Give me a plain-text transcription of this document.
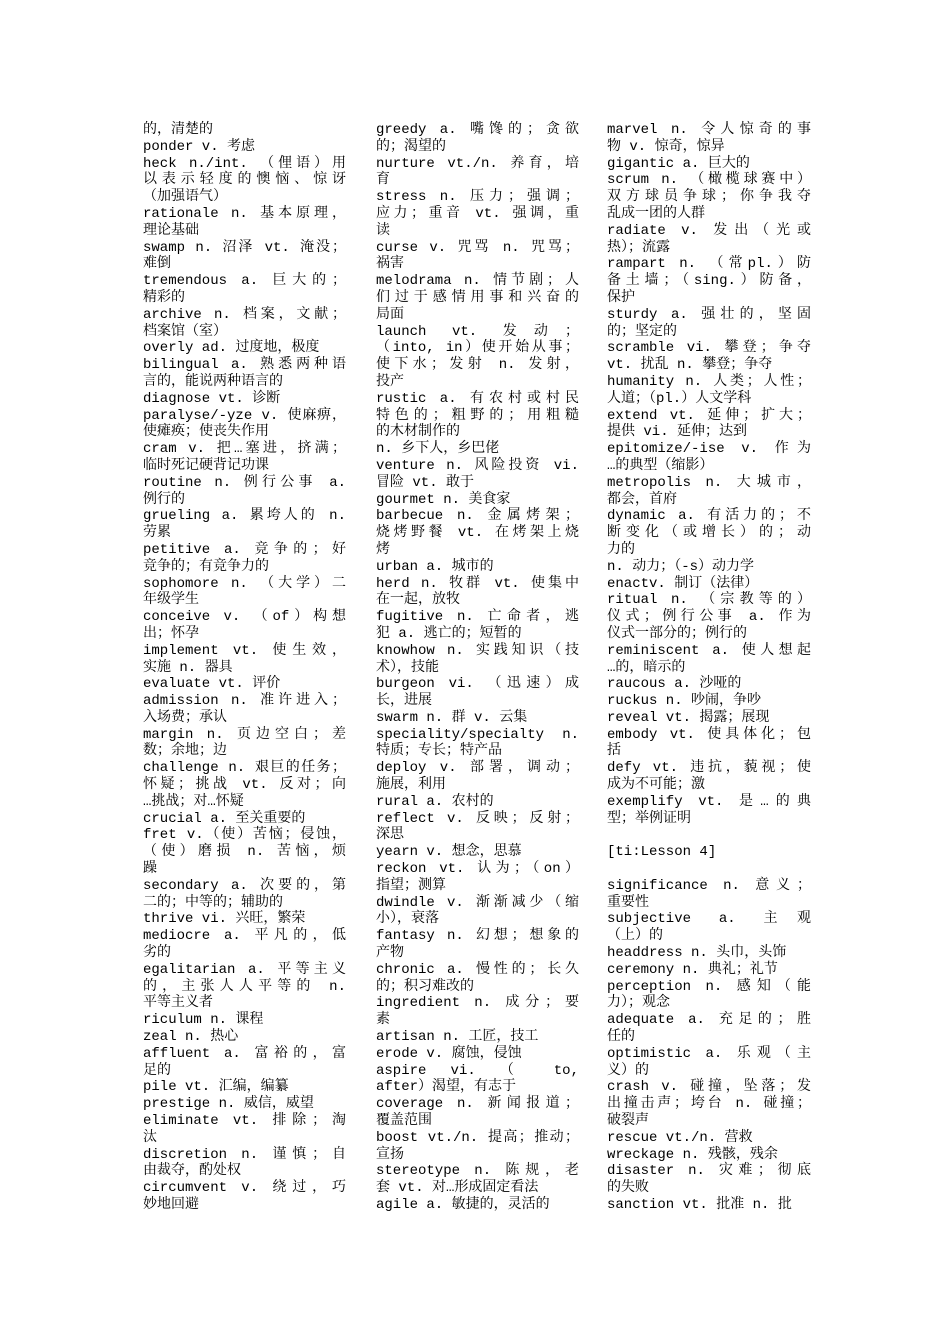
的，清楚的
ponder v. 考虑
heck n./int. （俚语）用
以表示轻度的懊恼、惊讶
（加强语气）
rationale n. 基本原理，
理论基础
swamp n. 沼泽 vt. 淹没；
难倒
tremendous a. 巨大的；
精彩的
archive n. 档案，文献；
档案馆（室）
overly ad. 过度地，极度
bilingual a. 熟悉两种语
言的，能说两种语言的
diagnose vt. 诊断
paralyse/-yze v. 使麻痹，
使瘫痪；使丧失作用
cram v. 把…塞进，挤满；
临时死记硬背记功课
routine n. 例行公事 a.
例行的
grueling a. 累垮人的 n.
劳累
petitive a. 竞争的；好
竞争的；有竞争力的
sophomore n. （大学）二
年级学生
conceive v. （of）构想
出；怀孕
implement vt. 使生效，
实施 n. 器具
evaluate vt. 评价
admission n. 准许进入；
入场费；承认
margin n. 页边空白；差
数；余地；边
challenge n. 艰巨的任务；
怀疑；挑战 vt. 反对；向
…挑战；对…怀疑
crucial a. 至关重要的
fret v.（使）苦恼；侵蚀，
（使）磨损 n. 苦恼，烦
躁
secondary a. 次要的，第
二的；中等的；辅助的
thrive vi. 兴旺，繁荣
mediocre a. 平凡的，低
劣的
egalitarian a. 平等主义
的，主张人人平等的 n.
平等主义者
riculum n. 课程
zeal n. 热心
affluent a. 富裕的，富
足的
pile vt. 汇编，编纂
prestige n. 威信，威望
eliminate vt. 排除；淘
汰
discretion n. 谨慎；自
由裁夺，酌处权
circumvent v. 绕过，巧
妙地回避
greedy a. 嘴馋的；贪欲
的；渴望的
nurture vt./n. 养育，培
育
stress n. 压力；强调；
应力；重音 vt. 强调，重
读
curse v. 咒骂 n. 咒骂；
祸害
melodrama n. 情节剧；人
们过于感情用事和兴奋的
局面
launch vt. 发动；
（into, in）使开始从事；
使下水；发射 n. 发射，
投产
rustic a. 有农村或村民
特色的；粗野的；用粗糙
的木材制作的
n. 乡下人，乡巴佬
venture n. 风险投资 vi.
冒险 vt. 敢于
gourmet n. 美食家
barbecue n. 金属烤架；
烧烤野餐 vt. 在烤架上烧
烤
urban a. 城市的
herd n. 牧群 vt. 使集中
在一起，放牧
fugitive n. 亡命者，逃
犯 a. 逃亡的；短暂的
knowhow n. 实践知识（技
术），技能
burgeon vi. （迅速）成
长，进展
swarm n. 群 v. 云集
speciality/specialty n.
特质；专长；特产品
deploy v. 部署，调动；
施展，利用
rural a. 农村的
reflect v. 反映；反射；
深思
yearn v. 想念，思慕
reckon vt. 认为；（on）
指望；测算
dwindle v. 渐渐减少（缩
小），衰落
fantasy n. 幻想；想象的
产物
chronic a. 慢性的；长久
的；积习难改的
ingredient n. 成分；要
素
artisan n. 工匠，技工
erode v. 腐蚀，侵蚀
aspire vi. （ to,
after）渴望，有志于
coverage n. 新闻报道；
覆盖范围
boost vt./n. 提高；推动；
宣扬
stereotype n. 陈规，老
套 vt. 对…形成固定看法
agile a. 敏捷的，灵活的
marvel n. 令人惊奇的事
物 v. 惊奇，惊异
gigantic a. 巨大的
scrum n. （橄榄球赛中）
双方球员争球；你争我夺
乱成一团的人群
radiate v. 发出（光或
热）；流露
rampart n. （常pl.）防
备土墙；（sing.）防备，
保护
sturdy a. 强壮的，坚固
的；坚定的
scramble vi. 攀登；争夺
vt. 扰乱 n. 攀登；争夺
humanity n. 人类；人性；
人道；（pl.）人文学科
extend vt. 延伸；扩大；
提供 vi. 延伸；达到
epitomize/-ise v. 作为
…的典型（缩影）
metropolis n. 大城市，
都会，首府
dynamic a. 有活力的；不
断变化（或增长）的；动
力的
n. 动力；（-s）动力学
enactv. 制订（法律）
ritual n. （宗教等的）
仪式；例行公事 a. 作为
仪式一部分的；例行的
reminiscent a. 使人想起
…的，暗示的
raucous a. 沙哑的
ruckus n. 吵闹，争吵
reveal vt. 揭露；展现
embody vt. 使具体化；包
括
defy vt. 违抗，藐视；使
成为不可能；激
exemplify vt. 是…的典
型；举例证明
[ti:Lesson 4]
significance n. 意义；
重要性
subjective a. 主观
（上）的
headdress n. 头巾，头饰
ceremony n. 典礼；礼节
perception n. 感知（能
力）；观念
adequate a. 充足的；胜
任的
optimistic a. 乐观（主
义）的
crash v. 碰撞，坠落；发
出撞击声；垮台 n. 碰撞；
破裂声
rescue vt./n. 营救
wreckage n. 残骸，残余
disaster n. 灾难；彻底
的失败
sanction vt. 批准 n. 批
